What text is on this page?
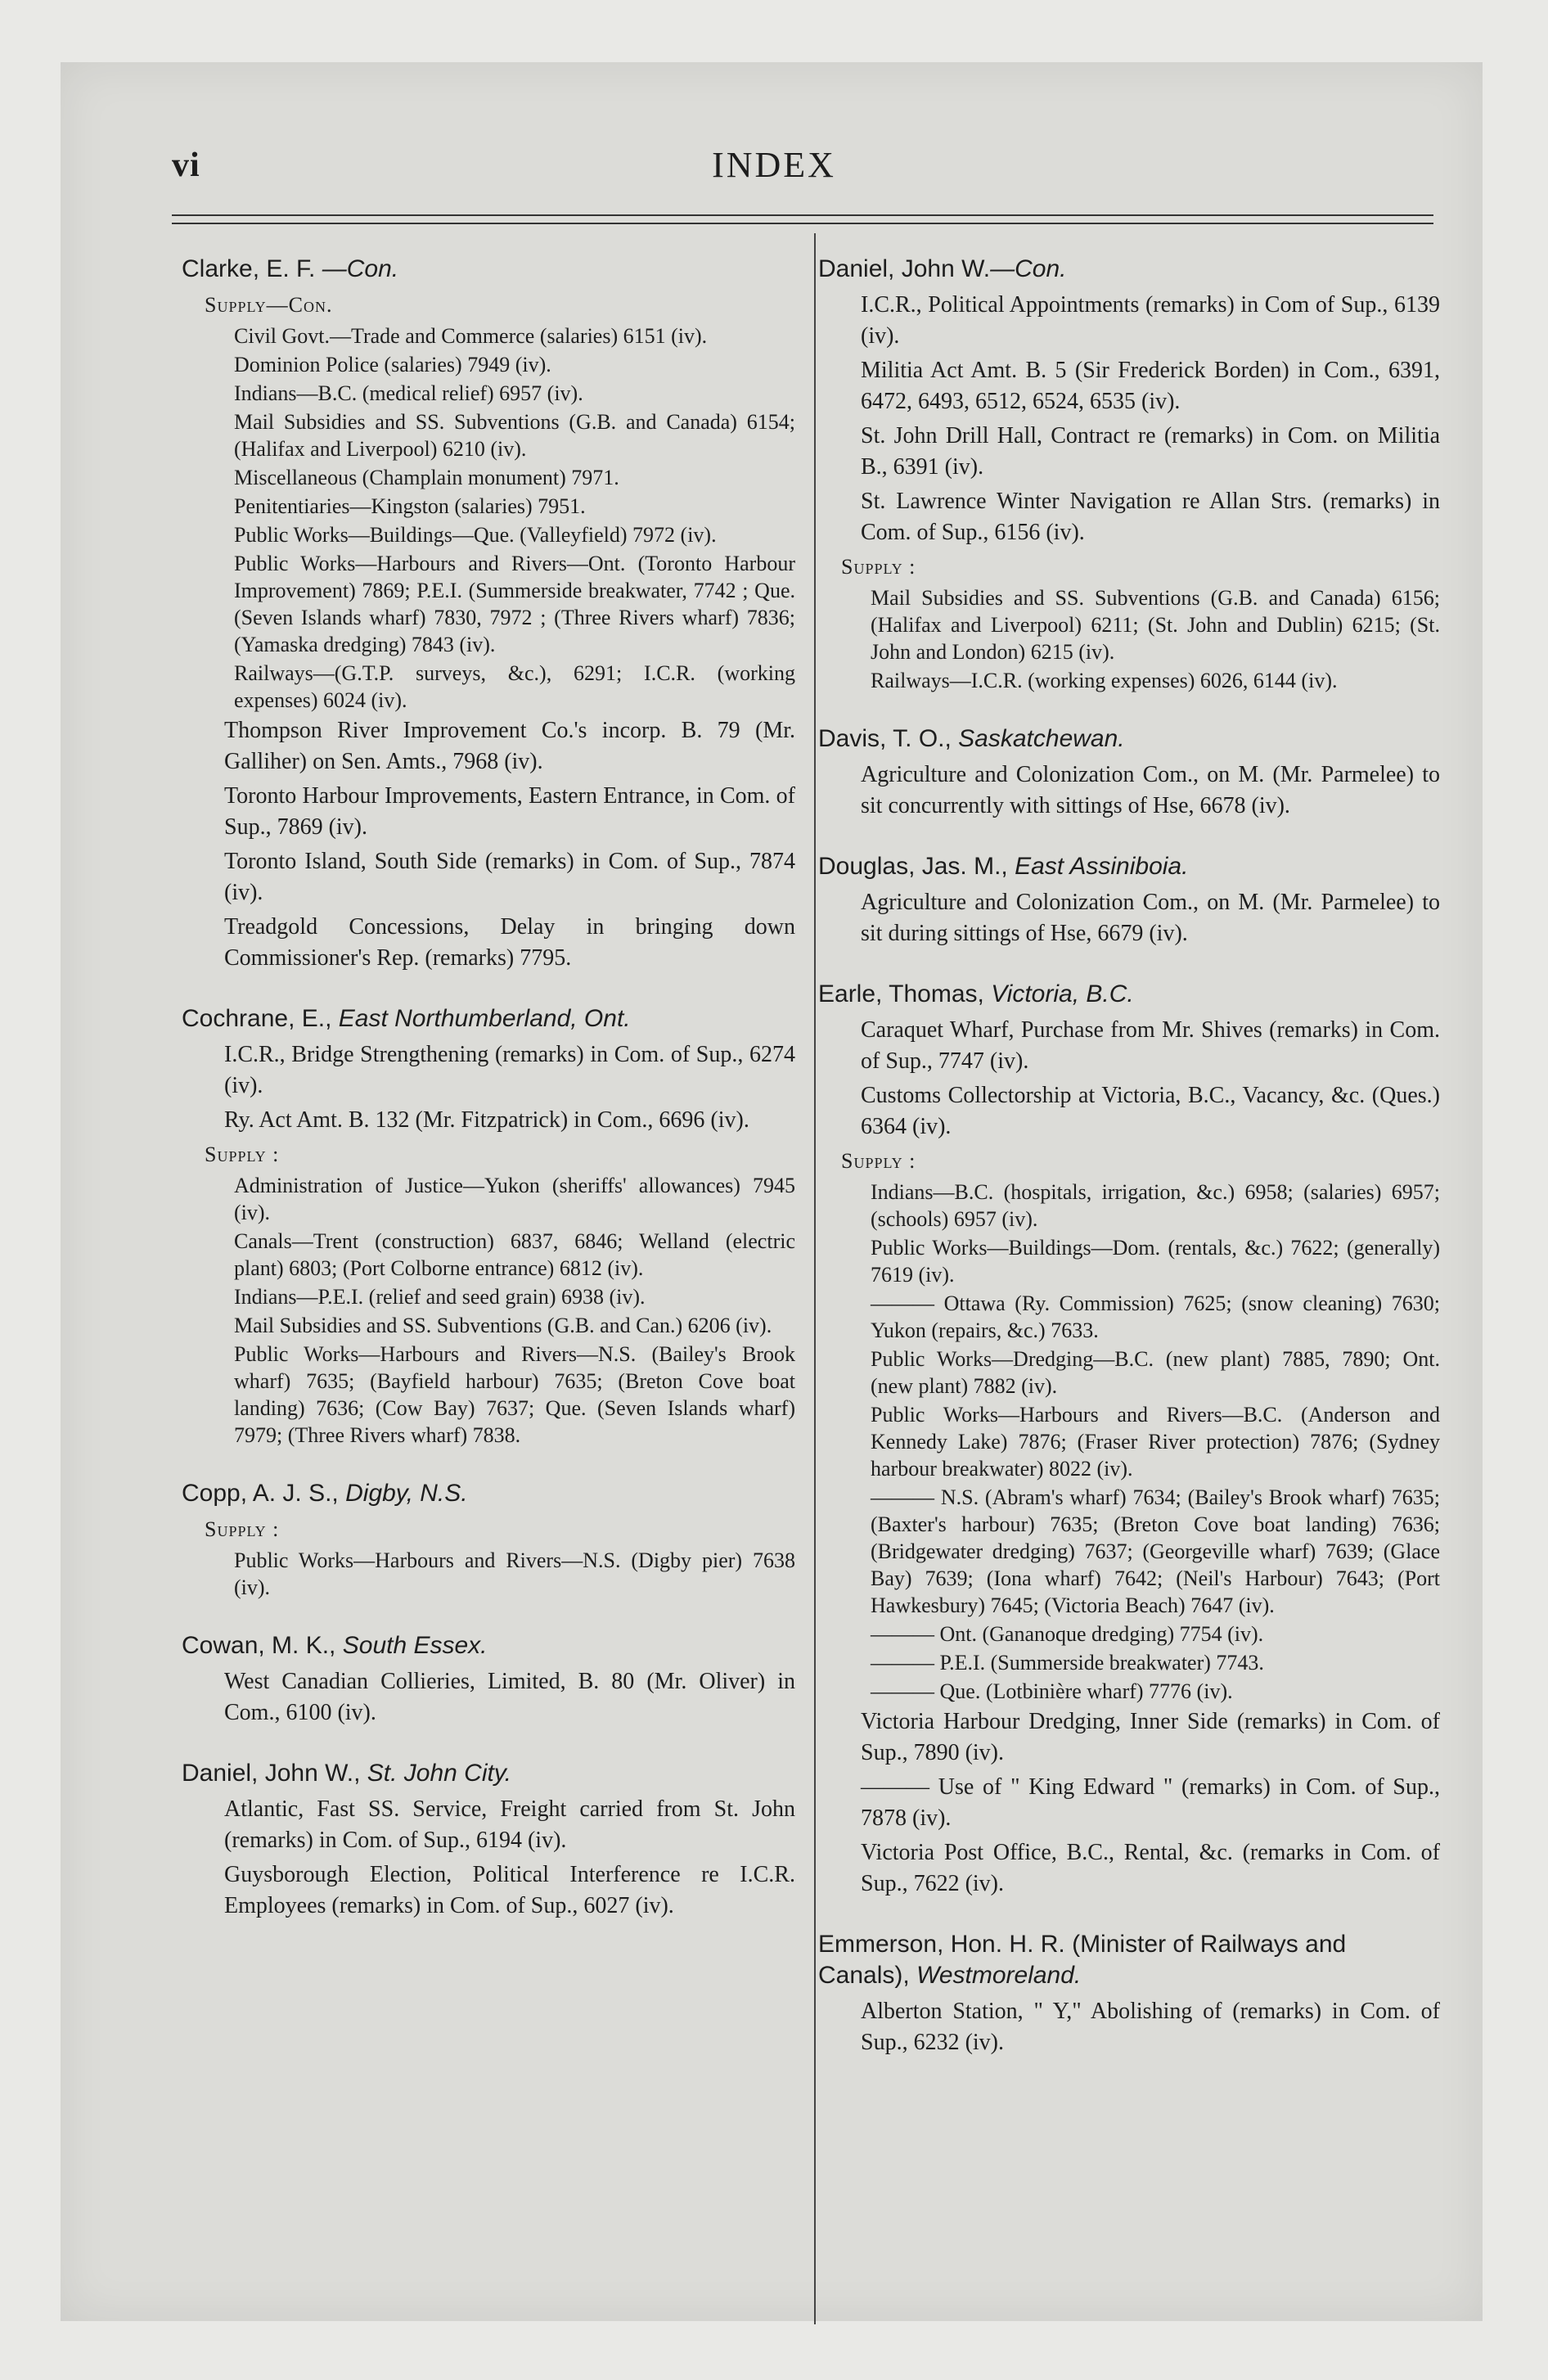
vi	INDEX
Clarke, E. F. —Con.
Supply—Con.
Civil Govt.—Trade and Commerce (salaries) 6151 (iv).
Dominion Police (salaries) 7949 (iv).
Indians—B.C. (medical relief) 6957 (iv).
Mail Subsidies and SS. Subventions (G.B. and Canada) 6154; (Halifax and Liverpool) 6210 (iv).
Miscellaneous (Champlain monument) 7971.
Penitentiaries—Kingston (salaries) 7951.
Public Works—Buildings—Que. (Valleyfield) 7972 (iv).
Public Works—Harbours and Rivers—Ont. (Toronto Harbour Improvement) 7869; P.E.I. (Summerside breakwater, 7742 ; Que. (Seven Islands wharf) 7830, 7972 ; (Three Rivers wharf) 7836; (Yamaska dredging) 7843 (iv).
Railways—(G.T.P. surveys, &c.), 6291; I.C.R. (working expenses) 6024 (iv).
Thompson River Improvement Co.'s incorp. B. 79 (Mr. Galliher) on Sen. Amts., 7968 (iv).
Toronto Harbour Improvements, Eastern Entrance, in Com. of Sup., 7869 (iv).
Toronto Island, South Side (remarks) in Com. of Sup., 7874 (iv).
Treadgold Concessions, Delay in bringing down Commissioner's Rep. (remarks) 7795.
Cochrane, E., East Northumberland, Ont.
I.C.R., Bridge Strengthening (remarks) in Com. of Sup., 6274 (iv).
Ry. Act Amt. B. 132 (Mr. Fitzpatrick) in Com., 6696 (iv).
Supply :
Administration of Justice—Yukon (sheriffs' allowances) 7945 (iv).
Canals—Trent (construction) 6837, 6846; Welland (electric plant) 6803; (Port Colborne entrance) 6812 (iv).
Indians—P.E.I. (relief and seed grain) 6938 (iv).
Mail Subsidies and SS. Subventions (G.B. and Can.) 6206 (iv).
Public Works—Harbours and Rivers—N.S. (Bailey's Brook wharf) 7635; (Bayfield harbour) 7635; (Breton Cove boat landing) 7636; (Cow Bay) 7637; Que. (Seven Islands wharf) 7979; (Three Rivers wharf) 7838.
Copp, A. J. S., Digby, N.S.
Supply :
Public Works—Harbours and Rivers—N.S. (Digby pier) 7638 (iv).
Cowan, M. K., South Essex.
West Canadian Collieries, Limited, B. 80 (Mr. Oliver) in Com., 6100 (iv).
Daniel, John W., St. John City.
Atlantic, Fast SS. Service, Freight carried from St. John (remarks) in Com. of Sup., 6194 (iv).
Guysborough Election, Political Interference re I.C.R. Employees (remarks) in Com. of Sup., 6027 (iv).
Daniel, John W.—Con.
I.C.R., Political Appointments (remarks) in Com of Sup., 6139 (iv).
Militia Act Amt. B. 5 (Sir Frederick Borden) in Com., 6391, 6472, 6493, 6512, 6524, 6535 (iv).
St. John Drill Hall, Contract re (remarks) in Com. on Militia B., 6391 (iv).
St. Lawrence Winter Navigation re Allan Strs. (remarks) in Com. of Sup., 6156 (iv).
Supply :
Mail Subsidies and SS. Subventions (G.B. and Canada) 6156; (Halifax and Liverpool) 6211; (St. John and Dublin) 6215; (St. John and London) 6215 (iv).
Railways—I.C.R. (working expenses) 6026, 6144 (iv).
Davis, T. O., Saskatchewan.
Agriculture and Colonization Com., on M. (Mr. Parmelee) to sit concurrently with sittings of Hse, 6678 (iv).
Douglas, Jas. M., East Assiniboia.
Agriculture and Colonization Com., on M. (Mr. Parmelee) to sit during sittings of Hse, 6679 (iv).
Earle, Thomas, Victoria, B.C.
Caraquet Wharf, Purchase from Mr. Shives (remarks) in Com. of Sup., 7747 (iv).
Customs Collectorship at Victoria, B.C., Vacancy, &c. (Ques.) 6364 (iv).
Supply :
Indians—B.C. (hospitals, irrigation, &c.) 6958; (salaries) 6957; (schools) 6957 (iv).
Public Works—Buildings—Dom. (rentals, &c.) 7622; (generally) 7619 (iv).
——— Ottawa (Ry. Commission) 7625; (snow cleaning) 7630; Yukon (repairs, &c.) 7633.
Public Works—Dredging—B.C. (new plant) 7885, 7890; Ont. (new plant) 7882 (iv).
Public Works—Harbours and Rivers—B.C. (Anderson and Kennedy Lake) 7876; (Fraser River protection) 7876; (Sydney harbour breakwater) 8022 (iv).
——— N.S. (Abram's wharf) 7634; (Bailey's Brook wharf) 7635; (Baxter's harbour) 7635; (Breton Cove boat landing) 7636; (Bridgewater dredging) 7637; (Georgeville wharf) 7639; (Glace Bay) 7639; (Iona wharf) 7642; (Neil's Harbour) 7643; (Port Hawkesbury) 7645; (Victoria Beach) 7647 (iv).
——— Ont. (Gananoque dredging) 7754 (iv).
——— P.E.I. (Summerside breakwater) 7743.
——— Que. (Lotbinière wharf) 7776 (iv).
Victoria Harbour Dredging, Inner Side (remarks) in Com. of Sup., 7890 (iv).
——— Use of " King Edward " (remarks) in Com. of Sup., 7878 (iv).
Victoria Post Office, B.C., Rental, &c. (remarks in Com. of Sup., 7622 (iv).
Emmerson, Hon. H. R. (Minister of Railways and Canals), Westmoreland.
Alberton Station, " Y," Abolishing of (remarks) in Com. of Sup., 6232 (iv).
